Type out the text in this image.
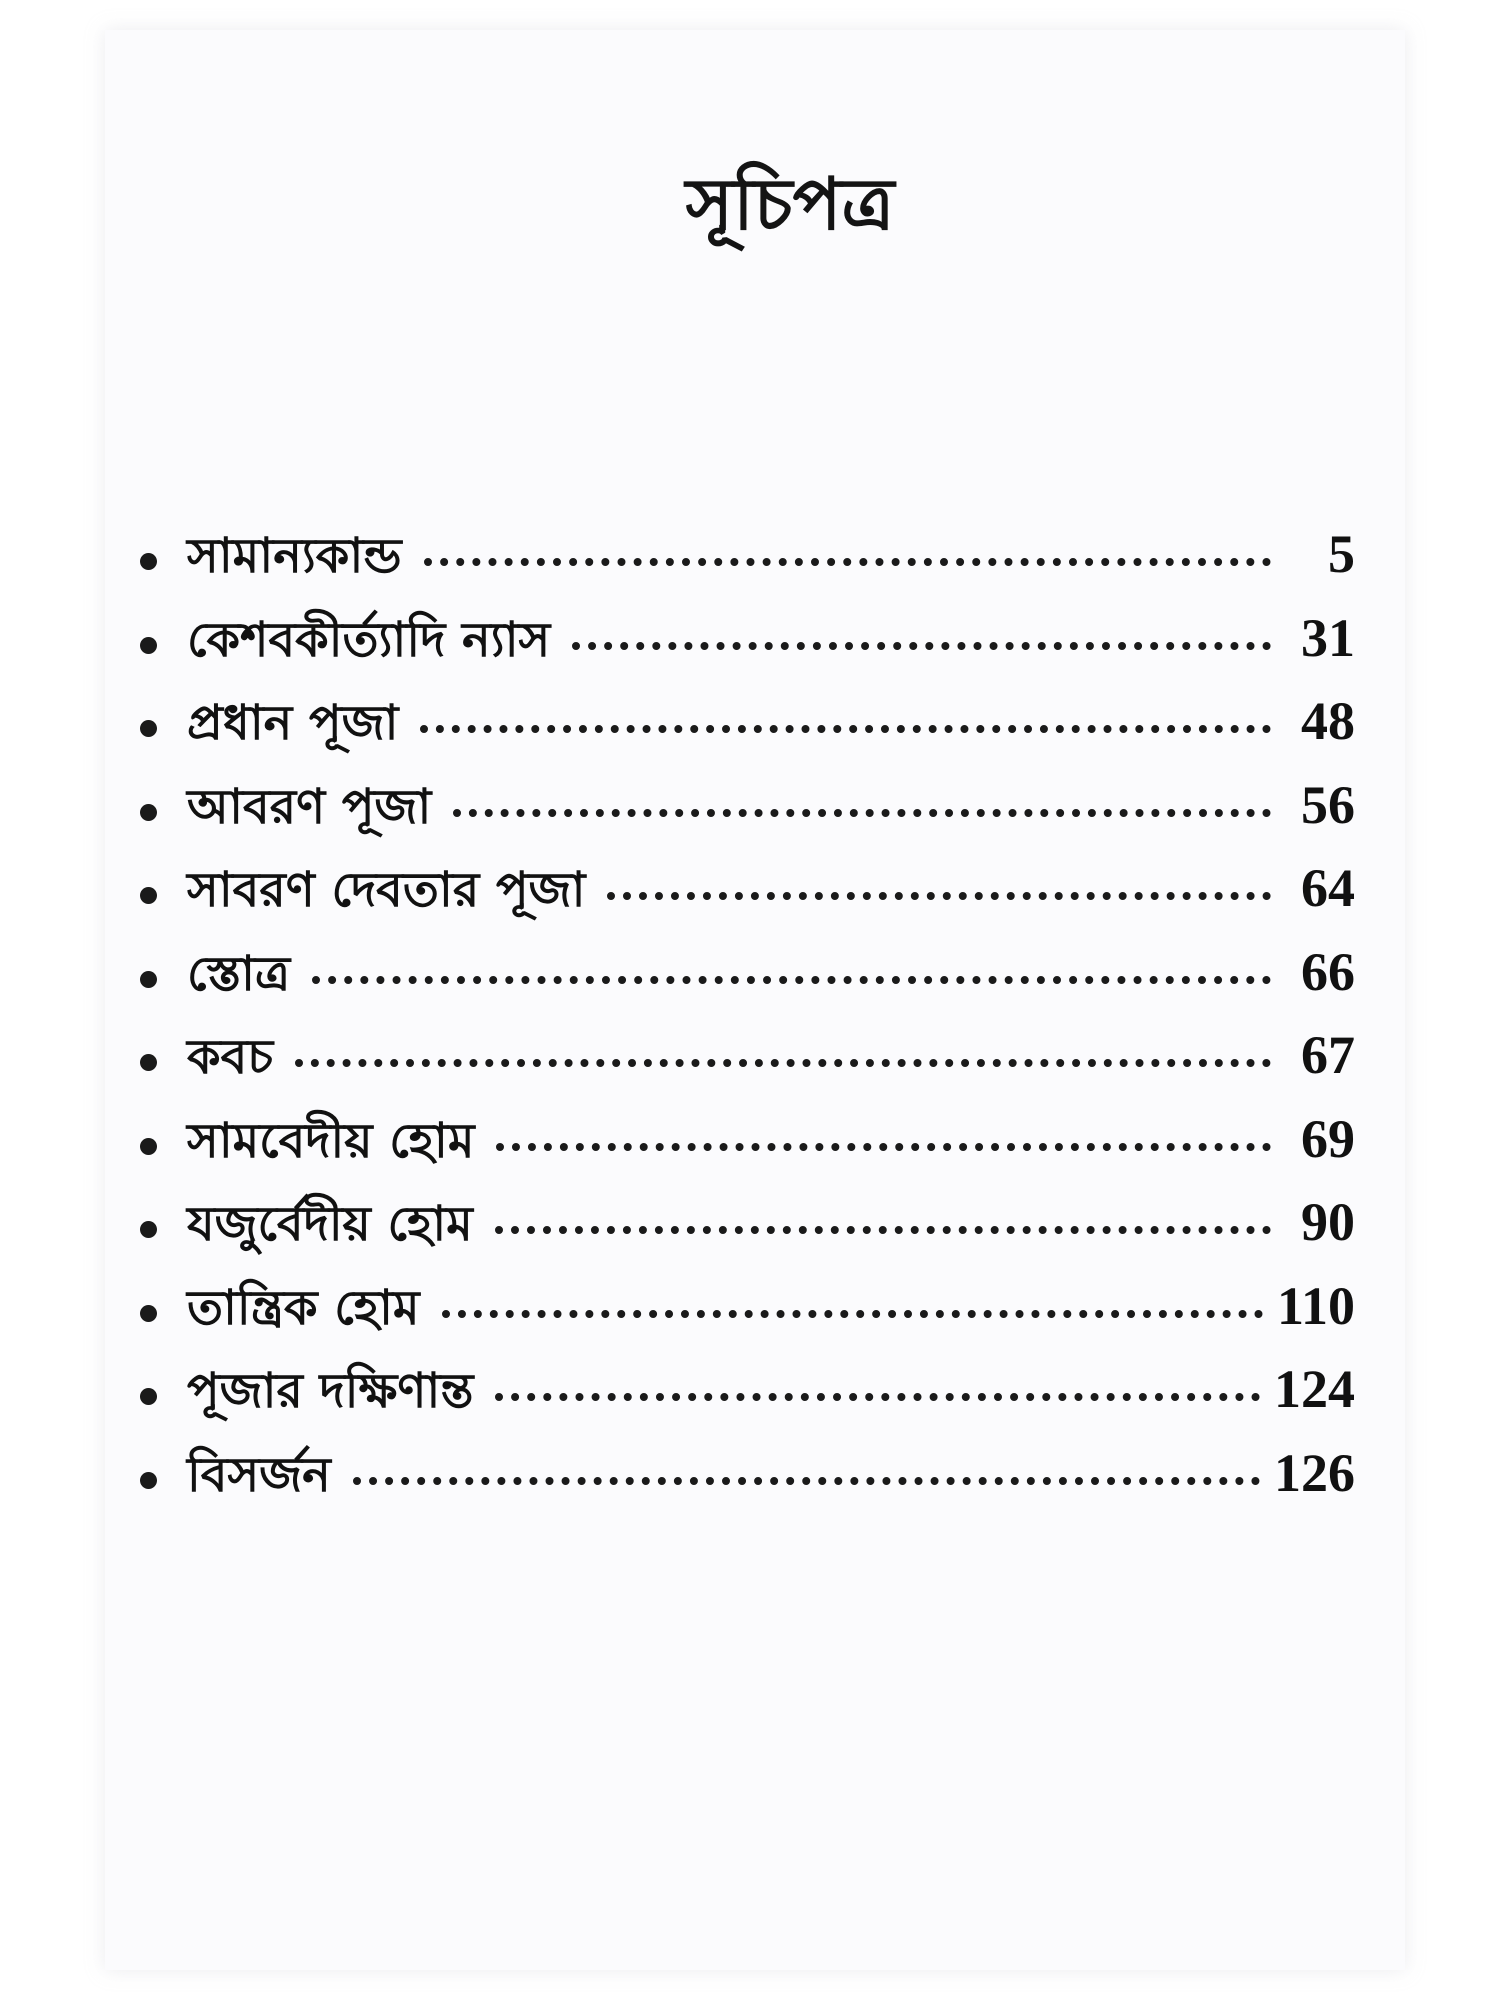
সূচিপত্র
সামান্যকান্ড	5
কেশবকীর্ত্যাদি ন্যাস	31
প্রধান পূজা	48
আবরণ পূজা	56
সাবরণ দেবতার পূজা	64
স্তোত্র	66
কবচ	67
সামবেদীয় হোম	69
যজুর্বেদীয় হোম	90
তান্ত্রিক হোম	110
পূজার দক্ষিণান্ত	124
বিসর্জন	126
